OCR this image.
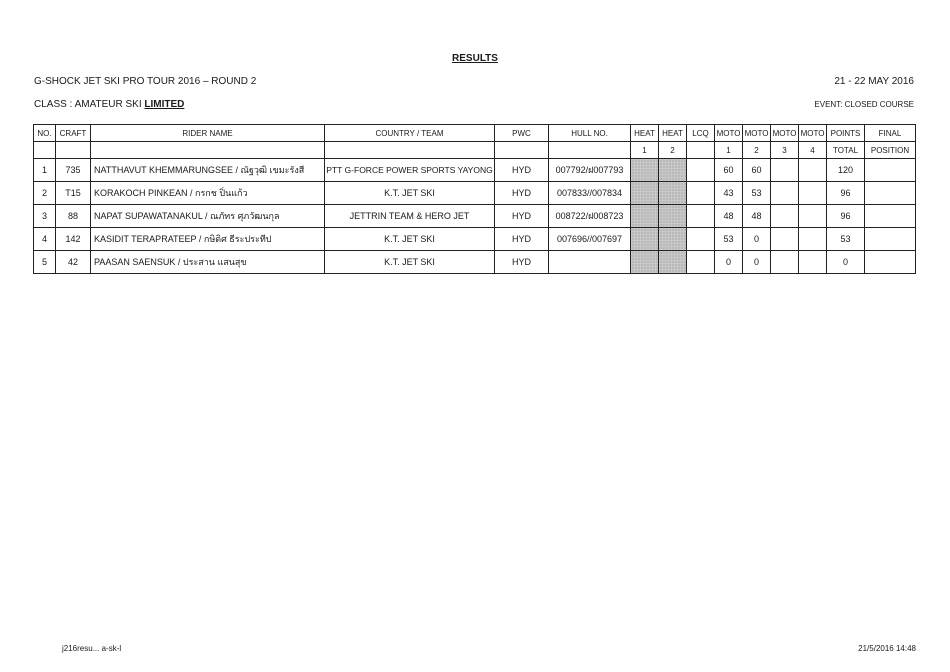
RESULTS
G-SHOCK JET SKI PRO TOUR 2016 – ROUND 2	21 - 22 MAY 2016
CLASS : AMATEUR SKI LIMITED	EVENT: CLOSED COURSE
NO.	CRAFT	RIDER NAME	COUNTRY / TEAM	PWC	HULL NO.	HEAT	HEAT	LCQ	MOTO	MOTO	MOTO	MOTO	POINTS	FINAL
						1	2		1	2	3	4	TOTAL	POSITION
1	735	NATTHAVUT KHEMMARUNGSEE / ณัฐวุฒิ เขมะรังสี	PTT G-FORCE POWER SPORTS YAYONG	HYD	007792/ฝ007793				60	60			120	
2	T15	KORAKOCH PINKEAN / กรกช ปิ่นแก้ว	K.T. JET SKI	HYD	007833//007834				43	53			96	
3	88	NAPAT SUPAWATANAKUL / ณภัทร ศุภวัฒนกุล	JETTRIN TEAM & HERO JET	HYD	008722/ฝ008723				48	48			96	
4	142	KASIDIT TERAPRATEEP / กษิดิศ ธีระประทีป	K.T. JET SKI	HYD	007696//007697				53	0			53	
5	42	PAASAN SAENSUK / ประสาน แสนสุข	K.T. JET SKI	HYD					0	0			0	
j216resu... a-sk-l	21/5/2016 14:48
